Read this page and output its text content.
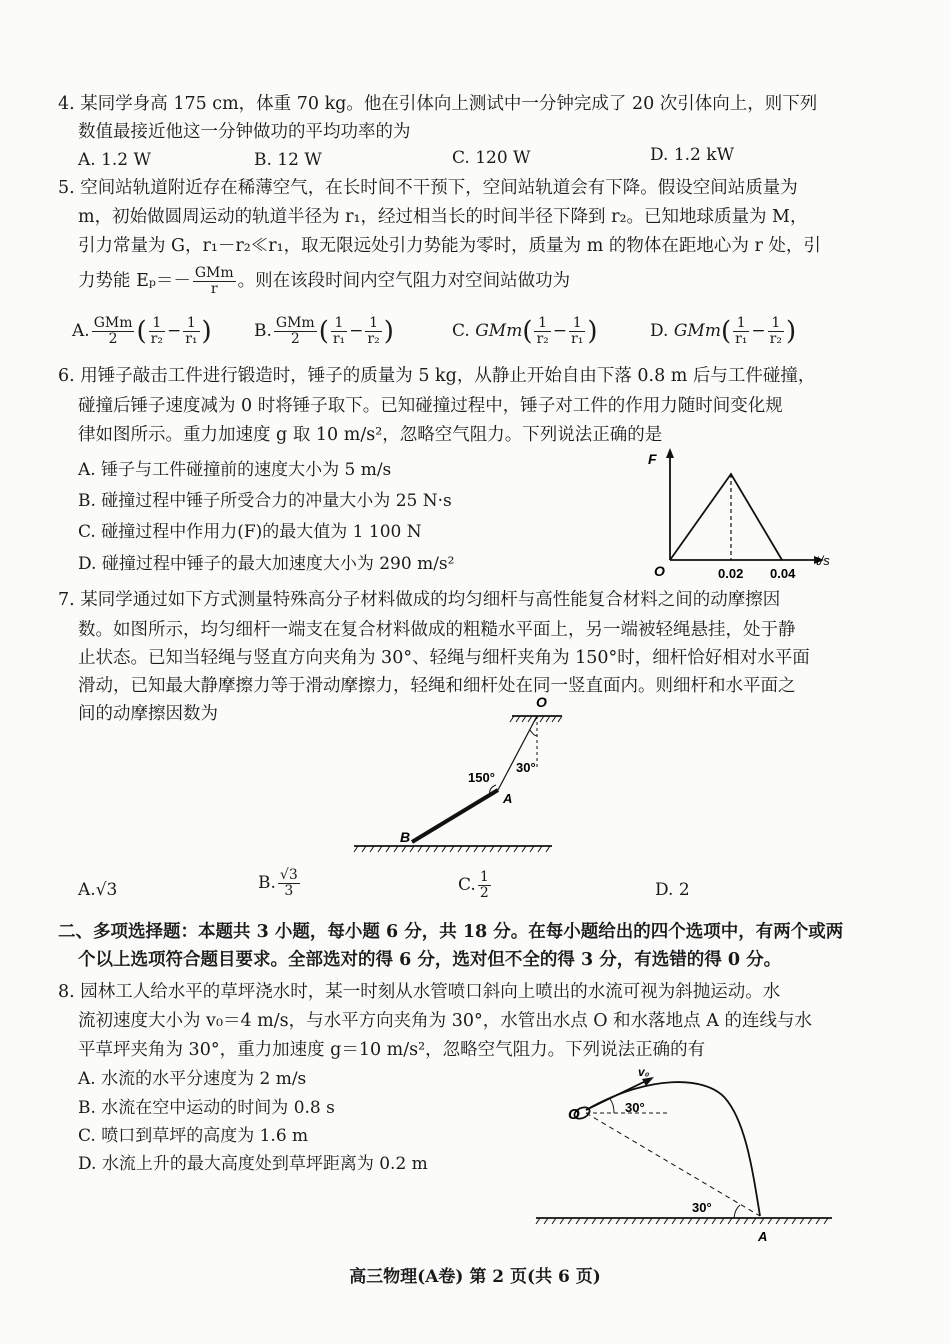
4. 某同学身高 175 cm，体重 70 kg。他在引体向上测试中一分钟完成了 20 次引体向上，则下列
数值最接近他这一分钟做功的平均功率的为
A. 1.2 W	B. 12 W	C. 120 W	D. 1.2 kW
5. 空间站轨道附近存在稀薄空气，在长时间不干预下，空间站轨道会有下降。假设空间站质量为
m，初始做圆周运动的轨道半径为 r₁，经过相当长的时间半径下降到 r₂。已知地球质量为 M，
引力常量为 G，r₁－r₂≪r₁，取无限远处引力势能为零时，质量为 m 的物体在距地心为 r 处，引
力势能 $E_p=- \frac{\text{GMm}}{r}$ 。则在该段时间内空气阻力对空间站做功为
A. $\frac{\text{GMm}}{2}$ ( $\frac{1}{\text{r₂}} - \frac{1}{\text{r₁}}$ ) B. $\frac{\text{GMm}}{2}$ ( $\frac{1}{\text{r₁}} - \frac{1}{\text{r₂}}$ )	C. $GMm( \frac{1}{\text{r₂}} - \frac{1}{\text{r₁}}$ )	D. $GMm( \frac{1}{\text{r₁}} - \frac{1}{\text{r₂}}$ )
6. 用锤子敲击工件进行锻造时，锤子的质量为 5 kg，从静止开始自由下落 0.8 m 后与工件碰撞，
碰撞后锤子速度减为 0 时将锤子取下。已知碰撞过程中，锤子对工件的作用力随时间变化规
律如图所示。重力加速度 g 取 10 m/s²，忽略空气阻力。下列说法正确的是
A. 锤子与工件碰撞前的速度大小为 5 m/s
B. 碰撞过程中锤子所受合力的冲量大小为 25 N·s
C. 碰撞过程中作用力(F)的最大值为 1 100 N
D. 碰撞过程中锤子的最大加速度大小为 290 m/s²
F
O	0.02 0.04
t/s
7. 某同学通过如下方式测量特殊高分子材料做成的均匀细杆与高性能复合材料之间的动摩擦因
数。如图所示，均匀细杆一端支在复合材料做成的粗糙水平面上，另一端被轻绳悬挂，处于静
止状态。已知当轻绳与竖直方向夹角为 30°、轻绳与细杆夹角为 150°时，细杆恰好相对水平面
滑动，已知最大静摩擦力等于滑动摩擦力，轻绳和细杆处在同一竖直面内。则细杆和水平面之
间的动摩擦因数为
O
A
B
150°
30°
A.√3	B. $\frac{√3}{3}$	C. $\frac{1}{2}$	D. 2
二、多项选择题：本题共 3 小题，每小题 6 分，共 18 分。在每小题给出的四个选项中，有两个或两
个以上选项符合题目要求。全部选对的得 6 分，选对但不全的得 3 分，有选错的得 0 分。
8. 园林工人给水平的草坪浇水时，某一时刻从水管喷口斜向上喷出的水流可视为斜抛运动。水
流初速度大小为 v₀＝4 m/s，与水平方向夹角为 30°，水管出水点 O 和水落地点 A 的连线与水
平草坪夹角为 30°，重力加速度 g＝10 m/s²，忽略空气阻力。下列说法正确的有
A. 水流的水平分速度为 2 m/s
B. 水流在空中运动的时间为 0.8 s
C. 喷口到草坪的高度为 1.6 m
D. 水流上升的最大高度处到草坪距离为 0.2 m
v₀
O	30°
30°
A
高三物理(A卷) 第 2 页(共 6 页)
